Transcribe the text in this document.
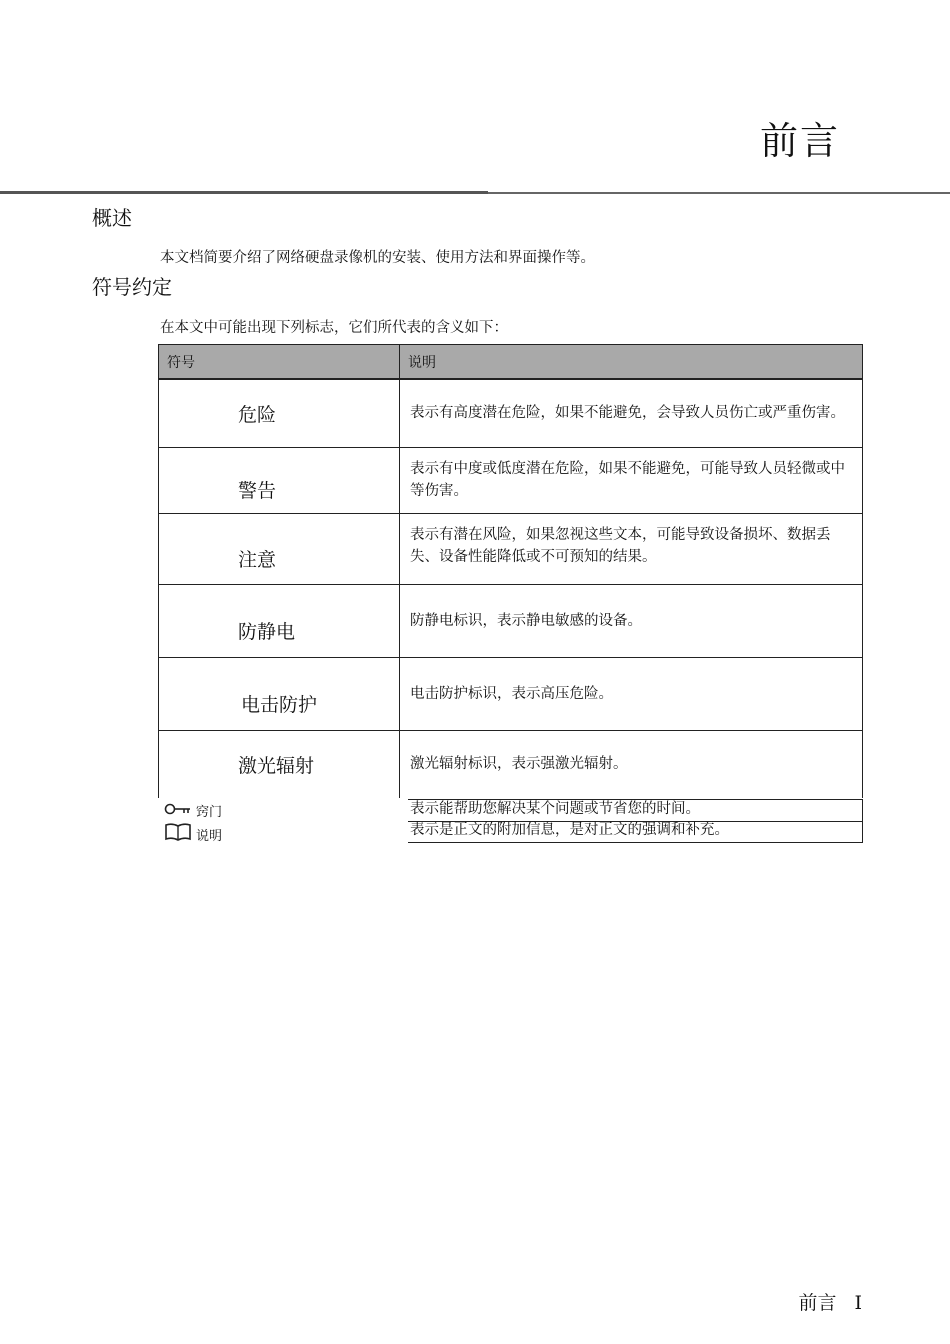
前言
概述
本文档简要介绍了网络硬盘录像机的安装、使用方法和界面操作等。
符号约定
在本文中可能出现下列标志，它们所代表的含义如下：
符号	说明
危险	表示有高度潜在危险，如果不能避免，会导致人员伤亡或严重伤害。
警告	表示有中度或低度潜在危险，如果不能避免，可能导致人员轻微或中等伤害。
注意	表示有潜在风险，如果忽视这些文本，可能导致设备损坏、数据丢失、设备性能降低或不可预知的结果。
防静电	防静电标识，表示静电敏感的设备。
电击防护	电击防护标识，表示高压危险。
激光辐射	激光辐射标识，表示强激光辐射。
窍门	表示能帮助您解决某个问题或节省您的时间。
说明	表示是正文的附加信息，是对正文的强调和补充。
前言 I
